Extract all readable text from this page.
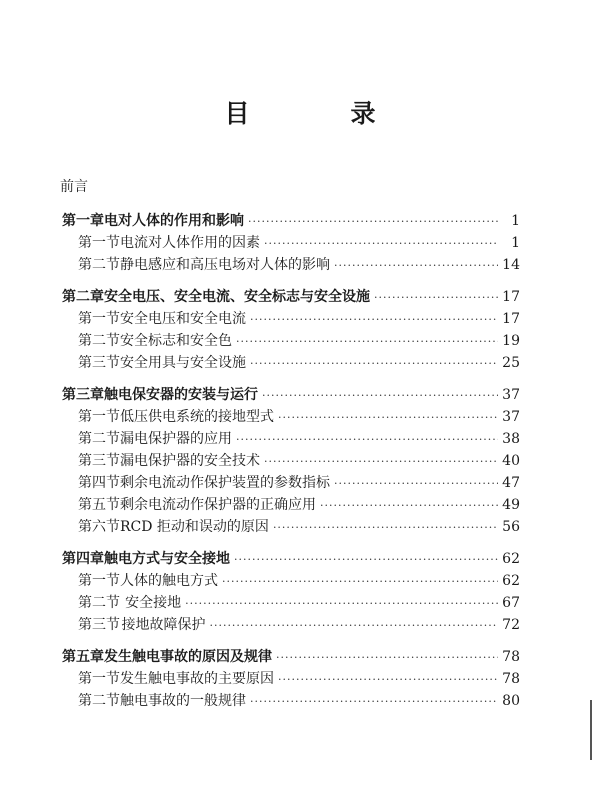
目　录
前言
第一章 电对人体的作用和影响 ·····	1
第一节 电流对人体作用的因素 ·····	1
第二节 静电感应和高压电场对人体的影响 ·····	14
第二章 安全电压、安全电流、安全标志与安全设施 ·····	17
第一节 安全电压和安全电流 ·····	17
第二节 安全标志和安全色 ·····	19
第三节 安全用具与安全设施 ·····	25
第三章 触电保安器的安装与运行 ·····	37
第一节 低压供电系统的接地型式 ·····	37
第二节 漏电保护器的应用 ·····	38
第三节 漏电保护器的安全技术 ·····	40
第四节 剩余电流动作保护装置的参数指标 ·····	47
第五节 剩余电流动作保护器的正确应用 ·····	49
第六节 RCD 拒动和误动的原因 ·····	56
第四章 触电方式与安全接地 ·····	62
第一节 人体的触电方式 ·····	62
第二节 安全接地 ·····	67
第三节 接地故障保护 ·····	72
第五章 发生触电事故的原因及规律 ·····	78
第一节 发生触电事故的主要原因 ·····	78
第二节 触电事故的一般规律 ·····	80
